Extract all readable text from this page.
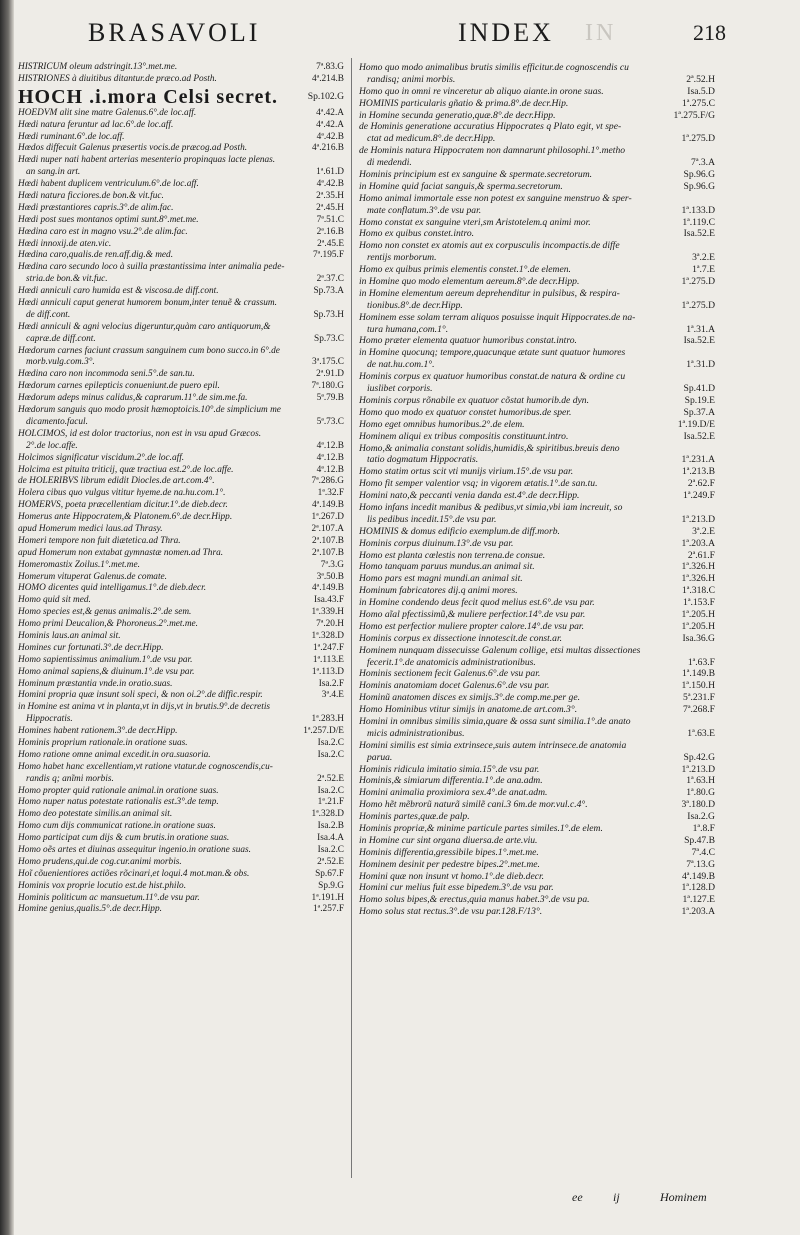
BRASAVOLI	INDEX IN	218
HISTRICUM oleum adstringit.13°.met.me.	7ª.83.G
HISTRIONES à diuitibus ditantur.de præco.ad Posth.	4ª.214.B
HOCH .i.mora Celsi secret.	Sp.102.G
HOEDVM alit sine matre Galenus.6°.de loc.aff.	4ª.42.A
Hœdi natura feruntur ad lac.6°.de loc.aff.	4ª.42.A
Hœdi ruminant.6°.de loc.aff.	4ª.42.B
Hœdos diffecuit Galenus præsertis vocis.de præcog.ad Posth.	4ª.216.B
Hœdi nuper nati habent arterias mesenterio propinquas lacte plenas.
an sang.in art.	1ª.61.D
Hœdi habent duplicem ventriculum.6°.de loc.aff.	4ª.42.B
Hœdi natura ficciores.de bon.& vit.fuc.	2ª.35.H
Hœdi præstantiores capris.3°.de alim.fac.	2ª.45.H
Hœdi post sues montanos optimi sunt.8°.met.me.	7ª.51.C
Hœdina caro est in magno vsu.2°.de alim.fac.	2ª.16.B
Hœdi innoxij.de aten.vic.	2ª.45.E
Hœdina caro,qualis.de ren.aff.dig.& med.	7ª.195.F
Hœdina caro secundo loco à suilla præstantissima inter animalia pede-
stria.de bon.& vit.fuc.	2ª.37.C
Hœdi anniculi caro humida est & viscosa.de diff.cont.	Sp.73.A
Hœdi anniculi caput generat humorem bonum,inter tenuẽ & crassum.
de diff.cont.	Sp.73.H
Hœdi anniculi & agni velocius digeruntur,quàm caro antiquorum,&
capræ.de diff.cont.	Sp.73.C
Hœdorum carnes faciunt crassum sanguinem cum bono succo.in 6°.de
morb.vulg.com.3°.	3ª.175.C
Hœdina caro non incommoda seni.5°.de san.tu.	2ª.91.D
Hœdorum carnes epilepticis conueniunt.de puero epil.	7ª.180.G
Hœdorum adeps minus calidus,& caprarum.11°.de sim.me.fa.	5ª.79.B
Hœdorum sanguis quo modo prosit hæmoptoicis.10°.de simplicium me
dicamento.facul.	5ª.73.C
HOLCIMOS, id est dolor tractorius, non est in vsu apud Græcos.
2°.de loc.affe.	4ª.12.B
Holcimos significatur viscidum.2°.de loc.aff.	4ª.12.B
Holcima est pituita triticij, quæ tractiua est.2°.de loc.affe.	4ª.12.B
de HOLERIBVS librum edidit Diocles.de art.com.4°.	7ª.286.G
Holera cibus quo vulgus vititur hyeme.de na.hu.com.1°.	1ª.32.F
HOMERVS, poeta præcellentiam dicitur.1°.de dieb.decr.	4ª.149.B
Homerus ante Hippocratem,& Platonem.6°.de decr.Hipp.	1ª.267.D
apud Homerum medici laus.ad Thrasy.	2ª.107.A
Homeri tempore non fuit diætetica.ad Thra.	2ª.107.B
apud Homerum non extabat gymnastæ nomen.ad Thra.	2ª.107.B
Homeromastix Zoilus.1°.met.me.	7ª.3.G
Homerum vituperat Galenus.de comate.	3ª.50.B
HOMO dicentes quid intelligamus.1°.de dieb.decr.	4ª.149.B
Homo quid sit med.	Isa.43.F
Homo species est,& genus animalis.2°.de sem.	1ª.339.H
Homo primi Deucalion,& Phoroneus.2°.met.me.	7ª.20.H
Hominis laus.an animal sit.	1ª.328.D
Homines cur fortunati.3°.de decr.Hipp.	1ª.247.F
Homo sapientissimus animalium.1°.de vsu par.	1ª.113.E
Homo animal sapiens,& diuinum.1°.de vsu par.	1ª.113.D
Hominum præstantia vnde.in oratio.suas.	Isa.2.F
Homini propria quæ insunt soli speci, & non oi.2°.de diffic.respir.	3ª.4.E
in Homine est anima vt in planta,vt in dijs,vt in brutis.9°.de decretis
Hippocratis.	1ª.283.H
Homines habent rationem.3°.de decr.Hipp.	1ª.257.D/E
Hominis proprium rationale.in oratione suas.	Isa.2.C
Homo ratione omne animal excedit.in ora.suasoria.	Isa.2.C
Homo habet hanc excellentiam,vt ratione vtatur.de cognoscendis,cu-
randis q; anĩmi morbis.	2ª.52.E
Homo propter quid rationale animal.in oratione suas.	Isa.2.C
Homo nuper natus potestate rationalis est.3°.de temp.	1ª.21.F
Homo deo potestate similis.an animal sit.	1ª.328.D
Homo cum dijs communicat ratione.in oratione suas.	Isa.2.B
Homo participat cum dijs & cum brutis.in oratione suas.	Isa.4.A
Homo oẽs artes et diuinas assequitur ingenio.in oratione suas.	Isa.2.C
Homo prudens,qui.de cog.cur.animi morbis.	2ª.52.E
Hoĩ cõuenientiores actiões rõcinari,et loqui.4 mot.man.& obs.	Sp.67.F
Hominis vox proprie locutio est.de hist.philo.	Sp.9.G
Hominis politicum ac mansuetum.11°.de vsu par.	1ª.191.H
Homine genius,qualis.5°.de decr.Hipp.	1ª.257.F
Homo quo modo animalibus brutis similis efficitur.de cognoscendis cu
randisq; animi morbis.	2ª.52.H
Homo quo in omni re vinceretur ab aliquo aiante.in orone suas.	Isa.5.D
HOMINIS particularis gñatio & prima.8°.de decr.Hip.	1ª.275.C
in Homine secunda generatio,quæ.8°.de decr.Hipp.	1ª.275.F/G
de Hominis generatione accuratius Hippocrates q Plato egit, vt spe-
ctat ad medicum.8°.de decr.Hipp.	1ª.275.D
de Hominis natura Hippocratem non damnarunt philosophi.1°.metho
di medendi.	7ª.3.A
Hominis principium est ex sanguine & spermate.secretorum.	Sp.96.G
in Homine quid faciat sanguis,& sperma.secretorum.	Sp.96.G
Homo animal immortale esse non potest ex sanguine menstruo & sper-
mate conflatum.3°.de vsu par.	1ª.133.D
Homo constat ex sanguine vteri,sm Aristotelem.q animi mor.	1ª.119.C
Homo ex quibus constet.intro.	Isa.52.E
Homo non constet ex atomis aut ex corpusculis incompactis.de diffe
rentijs morborum.	3ª.2.E
Homo ex quibus primis elementis constet.1°.de elemen.	1ª.7.E
in Homine quo modo elementum aereum.8°.de decr.Hipp.	1ª.275.D
in Homine elementum aereum deprehenditur in pulsibus, & respira-
tionibus.8°.de decr.Hipp.	1ª.275.D
Hominem esse solam terram aliquos posuisse inquit Hippocrates.de na-
tura humana,com.1°.	1ª.31.A
Homo præter elementa quatuor humoribus constat.intro.	Isa.52.E
in Homine quocunq; tempore,quacunque ætate sunt quatuor humores
de nat.hu.com.1°.	1ª.31.D
Hominis corpus ex quatuor humoribus constat.de natura & ordine cu
iuslibet corporis.	Sp.41.D
Hominis corpus rõnabile ex quatuor cõstat humorib.de dyn.	Sp.19.E
Homo quo modo ex quatuor constet humoribus.de sper.	Sp.37.A
Homo eget omnibus humoribus.2°.de elem.	1ª.19.D/E
Hominem aliqui ex tribus compositis constituunt.intro.	Isa.52.E
Homo,& animalia constant solidis,humidis,& spiritibus.breuis deno
tatio dogmatum Hippocratis.	1ª.231.A
Homo statim ortus scit vti munijs virium.15°.de vsu par.	1ª.213.B
Homo fit semper valentior vsq; in vigorem ætatis.1°.de san.tu.	2ª.62.F
Homini nato,& peccanti venia danda est.4°.de decr.Hipp.	1ª.249.F
Homo infans incedit manibus & pedibus,vt simia,vbi iam increuit, so
lis pedibus incedit.15°.de vsu par.	1ª.213.D
HOMINIS & domus edificio exemplum.de diff.morb.	3ª.2.E
Hominis corpus diuinum.13°.de vsu par.	1ª.203.A
Homo est planta cœlestis non terrena.de consue.	2ª.61.F
Homo tanquam paruus mundus.an animal sit.	1ª.326.H
Homo pars est magni mundi.an animal sit.	1ª.326.H
Hominum fabricatores dij.q animi mores.	1ª.318.C
in Homine condendo deus fecit quod melius est.6°.de vsu par.	1ª.153.F
Homo aĩal pfectissimũ,& muliere perfectior.14°.de vsu par.	1ª.205.H
Homo est perfectior muliere propter calore.14°.de vsu par.	1ª.205.H
Hominis corpus ex dissectione innotescit.de const.ar.	Isa.36.G
Hominem nunquam dissecuisse Galenum collige, etsi multas dissectiones
fecerit.1°.de anatomicis administrationibus.	1ª.63.F
Hominis sectionem fecit Galenus.6°.de vsu par.	1ª.149.B
Hominis anatomiam docet Galenus.6°.de vsu par.	1ª.150.H
Hominũ anatomen disces ex simijs.3°.de comp.me.per ge.	5ª.231.F
Homo Hominibus vtitur simijs in anatome.de art.com.3°.	7ª.268.F
Homini in omnibus similis simia,quare & ossa sunt similia.1°.de anato
micis administrationibus.	1ª.63.E
Homini similis est simia extrinsece,suis autem intrinsece.de anatomia
parua.	Sp.42.G
Hominis ridicula imitatio simia.15°.de vsu par.	1ª.213.D
Hominis,& simiarum differentia.1°.de ana.adm.	1ª.63.H
Homini animalia proximiora sex.4°.de anat.adm.	1ª.80.G
Homo hẽt mẽbrorũ naturã similẽ cani.3 6m.de mor.vul.c.4°.	3ª.180.D
Hominis partes,quæ.de palp.	Isa.2.G
Hominis propriæ,& minime particule partes similes.1°.de elem.	1ª.8.F
in Homine cur sint organa diuersa.de arte.viu.	Sp.47.B
Hominis differentia,gressibile bipes.1°.met.me.	7ª.4.C
Hominem desinit per pedestre bipes.2°.met.me.	7ª.13.G
Homini quæ non insunt vt homo.1°.de dieb.decr.	4ª.149.B
Homini cur melius fuit esse bipedem.3°.de vsu par.	1ª.128.D
Homo solus bipes,& erectus,quia manus habet.3°.de vsu pa.	1ª.127.E
Homo solus stat rectus.3°.de vsu par.128.F/13°.	1ª.203.A
ee	ij	Hominem
